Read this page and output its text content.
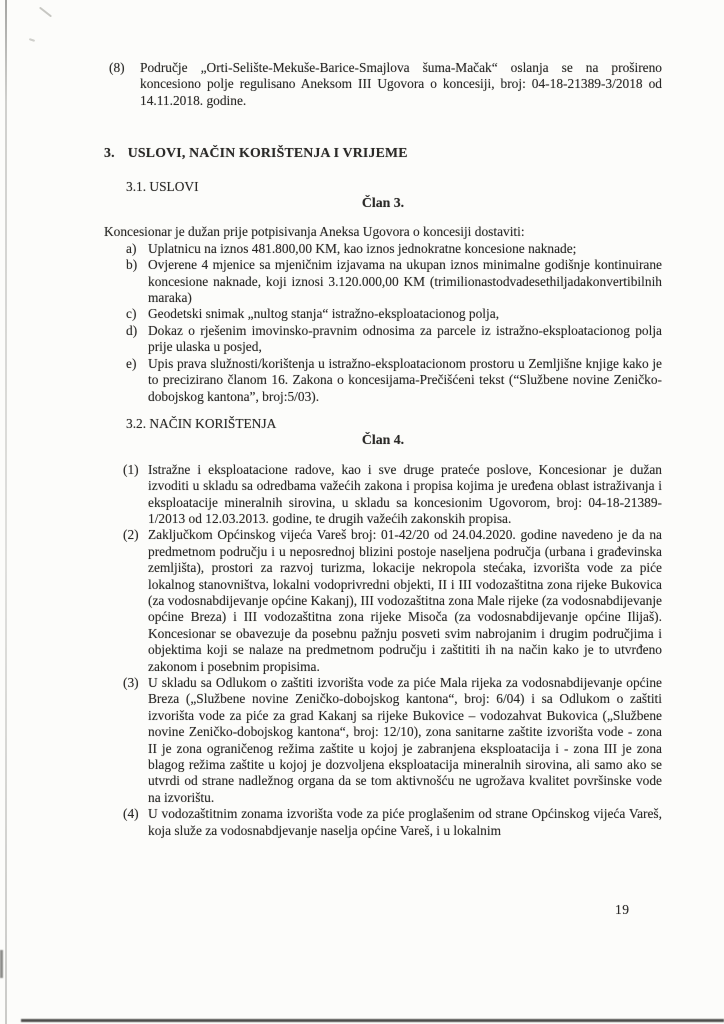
(8) Područje „Orti-Selište-Mekuše-Barice-Smajlova šuma-Mačak“ oslanja se na prošireno koncesiono polje regulisano Aneksom III Ugovora o koncesiji, broj: 04-18-21389-3/2018 od 14.11.2018. godine.
3. USLOVI, NAČIN KORIŠTENJA I VRIJEME
3.1. USLOVI
Član 3.
Koncesionar je dužan prije potpisivanja Aneksa Ugovora o koncesiji dostaviti:
a) Uplatnicu na iznos 481.800,00 KM, kao iznos jednokratne koncesione naknade;
b) Ovjerene 4 mjenice sa mjeničnim izjavama na ukupan iznos minimalne godišnje kontinuirane koncesione naknade, koji iznosi 3.120.000,00 KM (trimilionastodvadesethiljadakonvertibilnih maraka)
c) Geodetski snimak „nultog stanja“ istražno-eksploatacionog polja,
d) Dokaz o rješenim imovinsko-pravnim odnosima za parcele iz istražno-eksploatacionog polja prije ulaska u posjed,
e) Upis prava služnosti/korištenja u istražno-eksploatacionom prostoru u Zemljišne knjige kako je to precizirano članom 16. Zakona o koncesijama-Prečišćeni tekst (“Službene novine Zeničko-dobojskog kantona”, broj:5/03).
3.2. NAČIN KORIŠTENJA
Član 4.
(1) Istražne i eksploatacione radove, kao i sve druge prateće poslove, Koncesionar je dužan izvoditi u skladu sa odredbama važećih zakona i propisa kojima je uređena oblast istraživanja i eksploatacije mineralnih sirovina, u skladu sa koncesionim Ugovorom, broj: 04-18-21389-1/2013 od 12.03.2013. godine, te drugih važećih zakonskih propisa.
(2) Zaključkom Općinskog vijeća Vareš broj: 01-42/20 od 24.04.2020. godine navedeno je da na predmetnom području i u neposrednoj blizini postoje naseljena područja (urbana i građevinska zemljišta), prostori za razvoj turizma, lokacije nekropola stećaka, izvorišta vode za piće lokalnog stanovništva, lokalni vodoprivredni objekti, II i III vodozaštitna zona rijeke Bukovica (za vodosnabdijevanje općine Kakanj), III vodozaštitna zona Male rijeke (za vodosnabdijevanje općine Breza) i III vodozaštitna zona rijeke Misoča (za vodosnabdijevanje općine Ilijaš). Koncesionar se obavezuje da posebnu pažnju posveti svim nabrojanim i drugim područjima i objektima koji se nalaze na predmetnom području i zaštititi ih na način kako je to utvrđeno zakonom i posebnim propisima.
(3) U skladu sa Odlukom o zaštiti izvorišta vode za piće Mala rijeka za vodosnabdijevanje općine Breza („Službene novine Zeničko-dobojskog kantona“, broj: 6/04) i sa Odlukom o zaštiti izvorišta vode za piće za grad Kakanj sa rijeke Bukovice – vodozahvat Bukovica („Službene novine Zeničko-dobojskog kantona“, broj: 12/10), zona sanitarne zaštite izvorišta vode - zona II je zona ograničenog režima zaštite u kojoj je zabranjena eksploatacija i - zona III je zona blagog režima zaštite u kojoj je dozvoljena eksploatacija mineralnih sirovina, ali samo ako se utvrdi od strane nadležnog organa da se tom aktivnošću ne ugrožava kvalitet površinske vode na izvorištu.
(4) U vodozaštitnim zonama izvorišta vode za piće proglašenim od strane Općinskog vijeća Vareš, koja služe za vodosnabdjevanje naselja općine Vareš, i u lokalnim
19
